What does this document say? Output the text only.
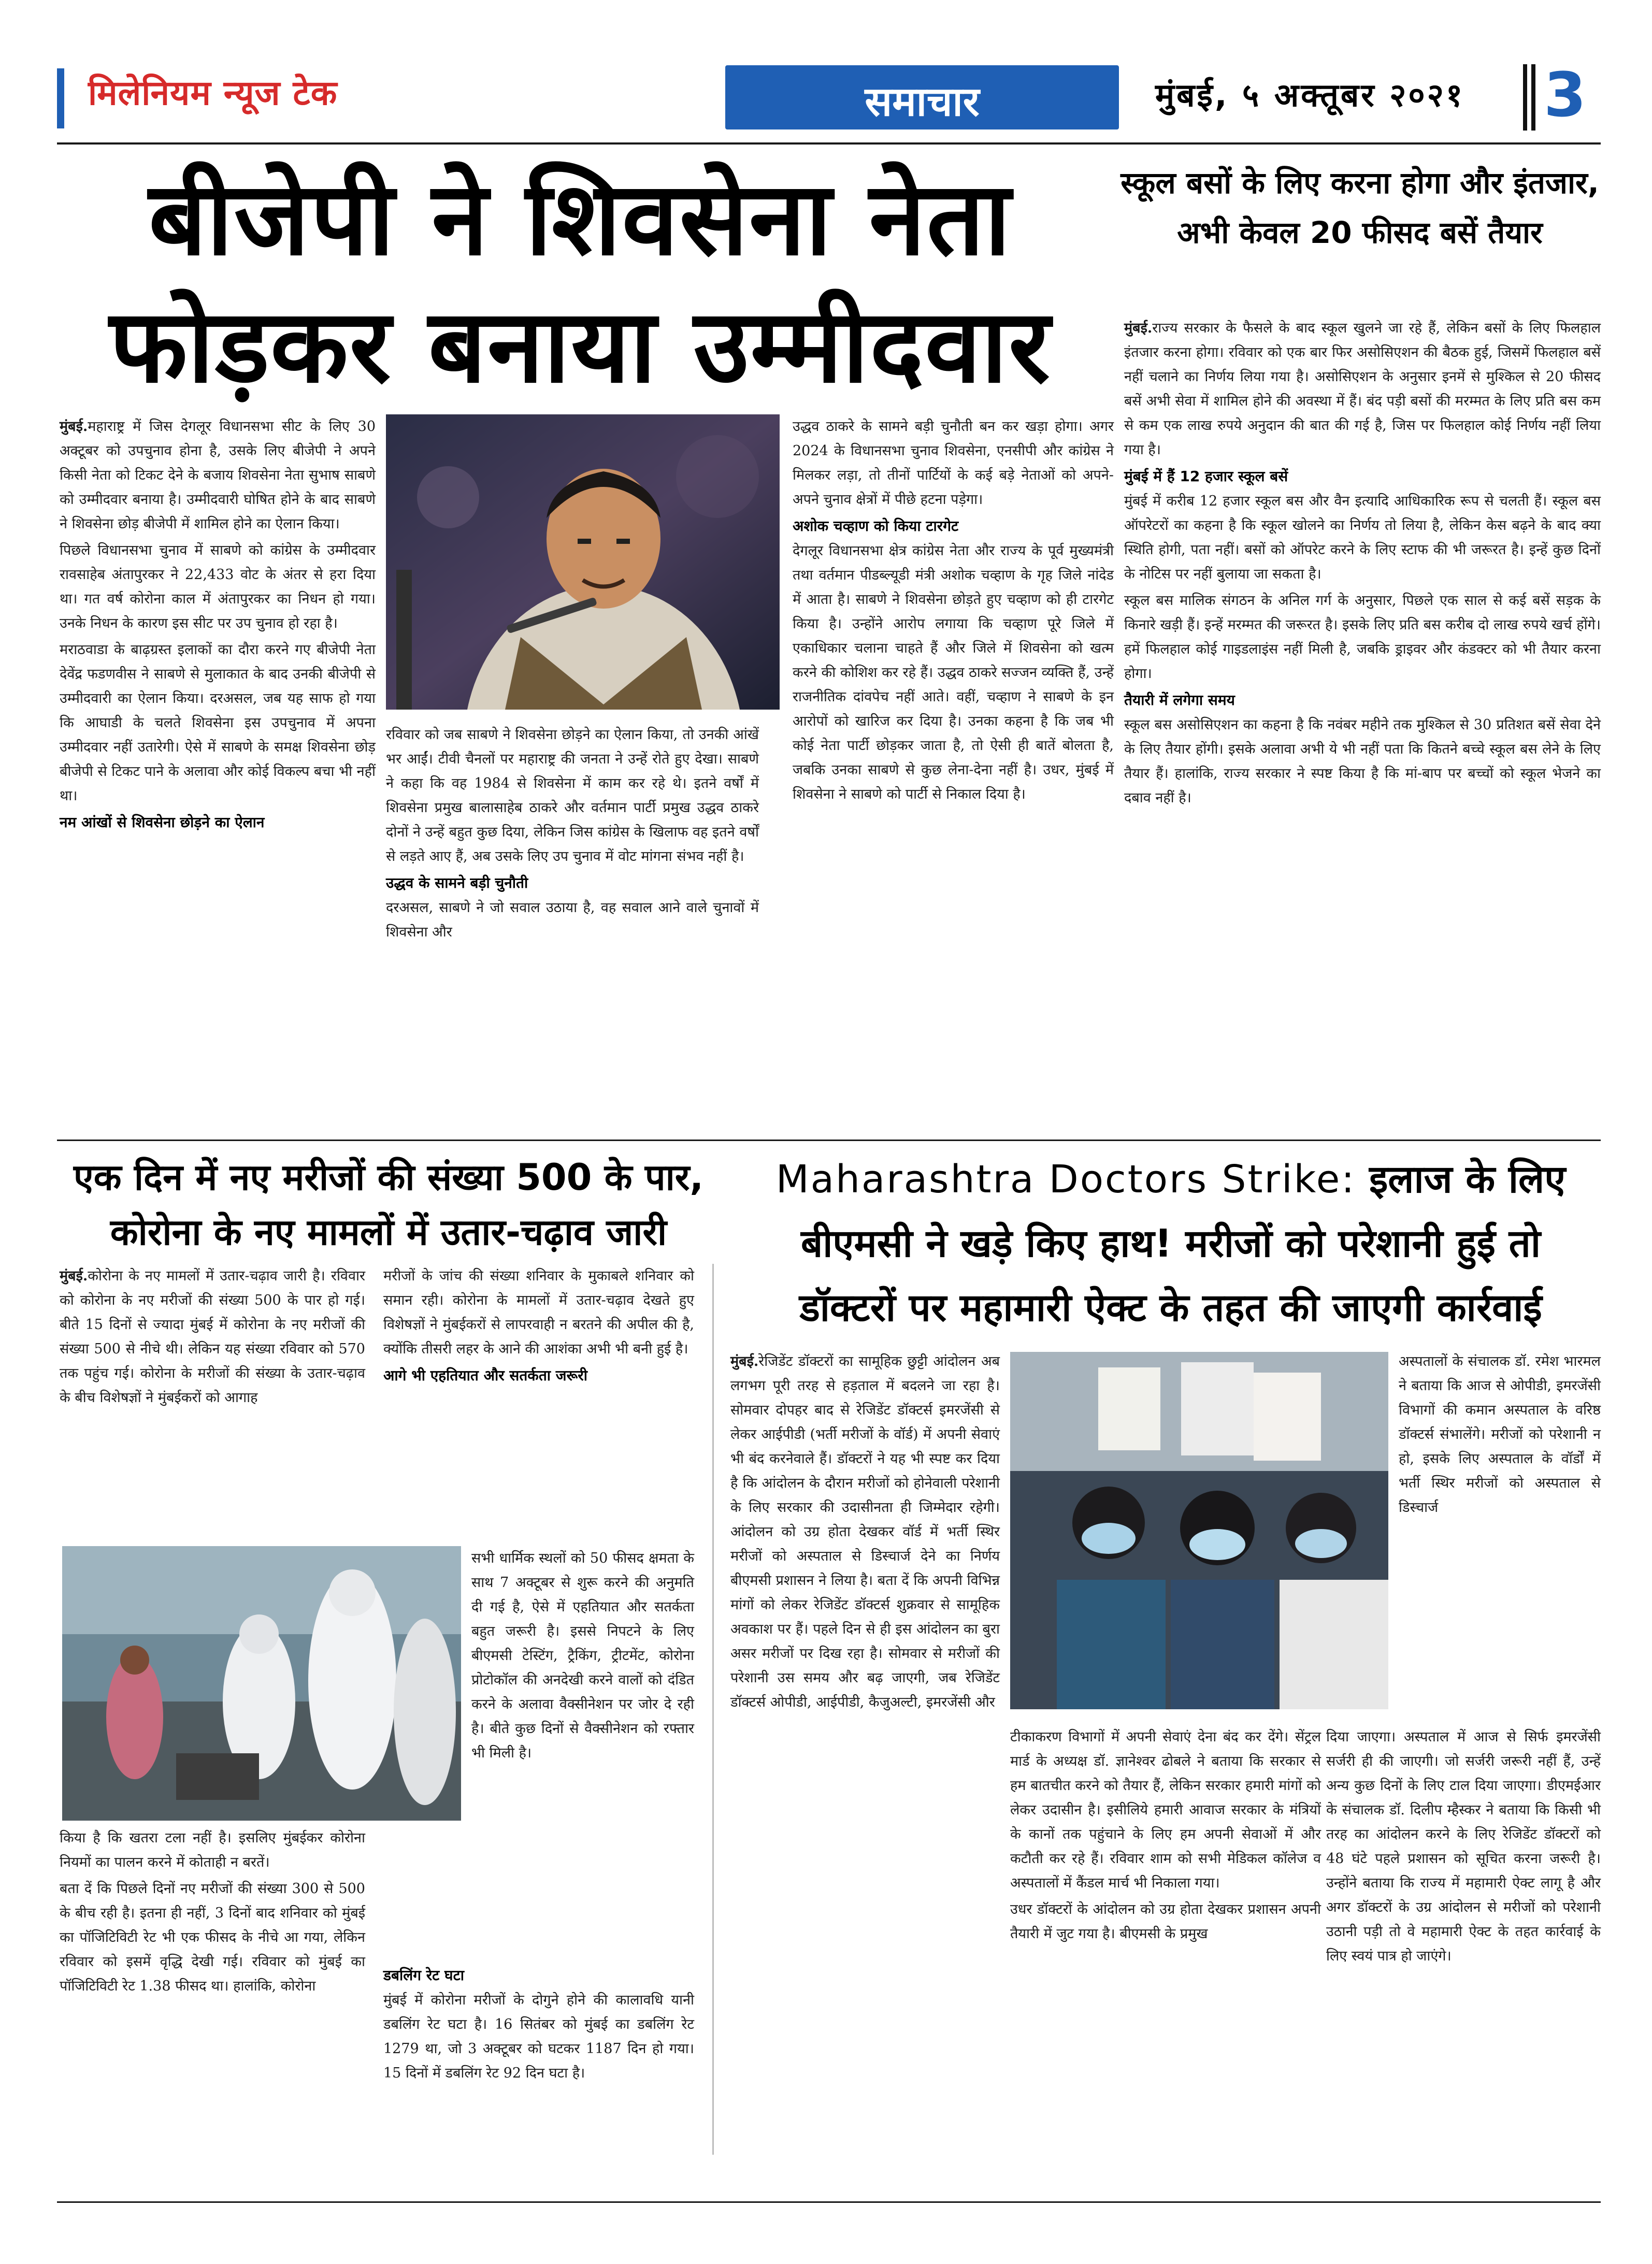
मिलेनियम न्यूज टेक	समाचार	मुंबई, ५ अक्तूबर २०२१ 3
बीजेपी ने शिवसेना नेता
फोड़कर बनाया उम्मीदवार
स्कूल बसों के लिए करना होगा और इंतजार, अभी केवल 20 फीसद बसें तैयार
मुंबई.महाराष्ट्र में जिस देगलूर विधानसभा सीट के लिए 30 अक्टूबर को उपचुनाव होना है, उसके लिए बीजेपी ने अपने किसी नेता को टिकट देने के बजाय शिवसेना नेता सुभाष साबणे को उम्मीदवार बनाया है। उम्मीदवारी घोषित होने के बाद साबणे ने शिवसेना छोड़ बीजेपी में शामिल होने का ऐलान किया।
पिछले विधानसभा चुनाव में साबणे को कांग्रेस के उम्मीदवार रावसाहेब अंतापुरकर ने 22,433 वोट के अंतर से हरा दिया था। गत वर्ष कोरोना काल में अंतापुरकर का निधन हो गया। उनके निधन के कारण इस सीट पर उप चुनाव हो रहा है।
मराठवाडा के बाढ़ग्रस्त इलाकों का दौरा करने गए बीजेपी नेता देवेंद्र फडणवीस ने साबणे से मुलाकात के बाद उनकी बीजेपी से उम्मीदवारी का ऐलान किया। दरअसल, जब यह साफ हो गया कि आघाडी के चलते शिवसेना इस उपचुनाव में अपना उम्मीदवार नहीं उतारेगी। ऐसे में साबणे के समक्ष शिवसेना छोड़ बीजेपी से टिकट पाने के अलावा और कोई विकल्प बचा भी नहीं था।
नम आंखों से शिवसेना छोड़ने का ऐलान
रविवार को जब साबणे ने शिवसेना छोड़ने का ऐलान किया, तो उनकी आंखें भर आईं। टीवी चैनलों पर महाराष्ट्र की जनता ने उन्हें रोते हुए देखा। साबणे ने कहा कि वह 1984 से शिवसेना में काम कर रहे थे। इतने वर्षों में शिवसेना प्रमुख बालासाहेब ठाकरे और वर्तमान पार्टी प्रमुख उद्धव ठाकरे दोनों ने उन्हें बहुत कुछ दिया, लेकिन जिस कांग्रेस के खिलाफ वह इतने वर्षों से लड़ते आए हैं, अब उसके लिए उप चुनाव में वोट मांगना संभव नहीं है।
उद्धव के सामने बड़ी चुनौती
दरअसल, साबणे ने जो सवाल उठाया है, वह सवाल आने वाले चुनावों में शिवसेना और
उद्धव ठाकरे के सामने बड़ी चुनौती बन कर खड़ा होगा। अगर 2024 के विधानसभा चुनाव शिवसेना, एनसीपी और कांग्रेस ने मिलकर लड़ा, तो तीनों पार्टियों के कई बड़े नेताओं को अपने-अपने चुनाव क्षेत्रों में पीछे हटना पड़ेगा।
अशोक चव्हाण को किया टारगेट
देगलूर विधानसभा क्षेत्र कांग्रेस नेता और राज्य के पूर्व मुख्यमंत्री तथा वर्तमान पीडब्ल्यूडी मंत्री अशोक चव्हाण के गृह जिले नांदेड में आता है। साबणे ने शिवसेना छोड़ते हुए चव्हाण को ही टारगेट किया है। उन्होंने आरोप लगाया कि चव्हाण पूरे जिले में एकाधिकार चलाना चाहते हैं और जिले में शिवसेना को खत्म करने की कोशिश कर रहे हैं। उद्धव ठाकरे सज्जन व्यक्ति हैं, उन्हें राजनीतिक दांवपेच नहीं आते। वहीं, चव्हाण ने साबणे के इन आरोपों को खारिज कर दिया है। उनका कहना है कि जब भी कोई नेता पार्टी छोड़कर जाता है, तो ऐसी ही बातें बोलता है, जबकि उनका साबणे से कुछ लेना-देना नहीं है। उधर, मुंबई में शिवसेना ने साबणे को पार्टी से निकाल दिया है।
मुंबई.राज्य सरकार के फैसले के बाद स्कूल खुलने जा रहे हैं, लेकिन बसों के लिए फिलहाल इंतजार करना होगा। रविवार को एक बार फिर असोसिएशन की बैठक हुई, जिसमें फिलहाल बसें नहीं चलाने का निर्णय लिया गया है। असोसिएशन के अनुसार इनमें से मुश्किल से 20 फीसद बसें अभी सेवा में शामिल होने की अवस्था में हैं। बंद पड़ी बसों की मरम्मत के लिए प्रति बस कम से कम एक लाख रुपये अनुदान की बात की गई है, जिस पर फिलहाल कोई निर्णय नहीं लिया गया है।
मुंबई में हैं 12 हजार स्कूल बसें
मुंबई में करीब 12 हजार स्कूल बस और वैन इत्यादि आधिकारिक रूप से चलती हैं। स्कूल बस ऑपरेटरों का कहना है कि स्कूल खोलने का निर्णय तो लिया है, लेकिन केस बढ़ने के बाद क्या स्थिति होगी, पता नहीं। बसों को ऑपरेट करने के लिए स्टाफ की भी जरूरत है। इन्हें कुछ दिनों के नोटिस पर नहीं बुलाया जा सकता है।
स्कूल बस मालिक संगठन के अनिल गर्ग के अनुसार, पिछले एक साल से कई बसें सड़क के किनारे खड़ी हैं। इन्हें मरम्मत की जरूरत है। इसके लिए प्रति बस करीब दो लाख रुपये खर्च होंगे। हमें फिलहाल कोई गाइडलाइंस नहीं मिली है, जबकि ड्राइवर और कंडक्टर को भी तैयार करना होगा।
तैयारी में लगेगा समय
स्कूल बस असोसिएशन का कहना है कि नवंबर महीने तक मुश्किल से 30 प्रतिशत बसें सेवा देने के लिए तैयार होंगी। इसके अलावा अभी ये भी नहीं पता कि कितने बच्चे स्कूल बस लेने के लिए तैयार हैं। हालांकि, राज्य सरकार ने स्पष्ट किया है कि मां-बाप पर बच्चों को स्कूल भेजने का दबाव नहीं है।
एक दिन में नए मरीजों की संख्या 500 के पार,
कोरोना के नए मामलों में उतार-चढ़ाव जारी
Maharashtra Doctors Strike: इलाज के लिए
बीएमसी ने खड़े किए हाथ! मरीजों को परेशानी हुई तो
डॉक्टरों पर महामारी ऐक्ट के तहत की जाएगी कार्रवाई
मुंबई.कोरोना के नए मामलों में उतार-चढ़ाव जारी है। रविवार को कोरोना के नए मरीजों की संख्या 500 के पार हो गई। बीते 15 दिनों से ज्यादा मुंबई में कोरोना के नए मरीजों की संख्या 500 से नीचे थी। लेकिन यह संख्या रविवार को 570 तक पहुंच गई। कोरोना के मरीजों की संख्या के उतार-चढ़ाव के बीच विशेषज्ञों ने मुंबईकरों को आगाह
किया है कि खतरा टला नहीं है। इसलिए मुंबईकर कोरोना नियमों का पालन करने में कोताही न बरतें।
बता दें कि पिछले दिनों नए मरीजों की संख्या 300 से 500 के बीच रही है। इतना ही नहीं, 3 दिनों बाद शनिवार को मुंबई का पॉजिटिविटी रेट भी एक फीसद के नीचे आ गया, लेकिन रविवार को इसमें वृद्धि देखी गई। रविवार को मुंबई का पॉजिटिविटी रेट 1.38 फीसद था। हालांकि, कोरोना
मरीजों के जांच की संख्या शनिवार के मुकाबले शनिवार को समान रही। कोरोना के मामलों में उतार-चढ़ाव देखते हुए विशेषज्ञों ने मुंबईकरों से लापरवाही न बरतने की अपील की है, क्योंकि तीसरी लहर के आने की आशंका अभी भी बनी हुई है।
आगे भी एहतियात और सतर्कता जरूरी
सभी धार्मिक स्थलों को 50 फीसद क्षमता के साथ 7 अक्टूबर से शुरू करने की अनुमति दी गई है, ऐसे में एहतियात और सतर्कता बहुत जरूरी है। इससे निपटने के लिए बीएमसी टेस्टिंग, ट्रैकिंग, ट्रीटमेंट, कोरोना प्रोटोकॉल की अनदेखी करने वालों को दंडित करने के अलावा वैक्सीनेशन पर जोर दे रही है। बीते कुछ दिनों से वैक्सीनेशन को रफ्तार भी मिली है।
डबलिंग रेट घटा
मुंबई में कोरोना मरीजों के दोगुने होने की कालावधि यानी डबलिंग रेट घटा है। 16 सितंबर को मुंबई का डबलिंग रेट 1279 था, जो 3 अक्टूबर को घटकर 1187 दिन हो गया। 15 दिनों में डबलिंग रेट 92 दिन घटा है।
मुंबई.रेजिडेंट डॉक्टरों का सामूहिक छुट्टी आंदोलन अब लगभग पूरी तरह से हड़ताल में बदलने जा रहा है। सोमवार दोपहर बाद से रेजिडेंट डॉक्टर्स इमरजेंसी से लेकर आईपीडी (भर्ती मरीजों के वॉर्ड) में अपनी सेवाएं भी बंद करनेवाले हैं। डॉक्टरों ने यह भी स्पष्ट कर दिया है कि आंदोलन के दौरान मरीजों को होनेवाली परेशानी के लिए सरकार की उदासीनता ही जिम्मेदार रहेगी। आंदोलन को उग्र होता देखकर वॉर्ड में भर्ती स्थिर मरीजों को अस्पताल से डिस्चार्ज देने का निर्णय बीएमसी प्रशासन ने लिया है। बता दें कि अपनी विभिन्न मांगों को लेकर रेजिडेंट डॉक्टर्स शुक्रवार से सामूहिक अवकाश पर हैं। पहले दिन से ही इस आंदोलन का बुरा असर मरीजों पर दिख रहा है। सोमवार से मरीजों की परेशानी उस समय और बढ़ जाएगी, जब रेजिडेंट डॉक्टर्स ओपीडी, आईपीडी, कैजुअल्टी, इमरजेंसी और
टीकाकरण विभागों में अपनी सेवाएं देना बंद कर देंगे। सेंट्रल मार्ड के अध्यक्ष डॉ. ज्ञानेश्वर ढोबले ने बताया कि सरकार से हम बातचीत करने को तैयार हैं, लेकिन सरकार हमारी मांगों को लेकर उदासीन है। इसीलिये हमारी आवाज सरकार के मंत्रियों के कानों तक पहुंचाने के लिए हम अपनी सेवाओं में और कटौती कर रहे हैं। रविवार शाम को सभी मेडिकल कॉलेज व अस्पतालों में कैंडल मार्च भी निकाला गया।
उधर डॉक्टरों के आंदोलन को उग्र होता देखकर प्रशासन अपनी तैयारी में जुट गया है। बीएमसी के प्रमुख
अस्पतालों के संचालक डॉ. रमेश भारमल ने बताया कि आज से ओपीडी, इमरजेंसी विभागों की कमान अस्पताल के वरिष्ठ डॉक्टर्स संभालेंगे। मरीजों को परेशानी न हो, इसके लिए अस्पताल के वॉर्डों में भर्ती स्थिर मरीजों को अस्पताल से डिस्चार्ज
दिया जाएगा। अस्पताल में आज से सिर्फ इमरजेंसी सर्जरी ही की जाएगी। जो सर्जरी जरूरी नहीं हैं, उन्हें अन्य कुछ दिनों के लिए टाल दिया जाएगा। डीएमईआर के संचालक डॉ. दिलीप म्हैस्कर ने बताया कि किसी भी तरह का आंदोलन करने के लिए रेजिडेंट डॉक्टरों को 48 घंटे पहले प्रशासन को सूचित करना जरूरी है। उन्होंने बताया कि राज्य में महामारी ऐक्ट लागू है और अगर डॉक्टरों के उग्र आंदोलन से मरीजों को परेशानी उठानी पड़ी तो वे महामारी ऐक्ट के तहत कार्रवाई के लिए स्वयं पात्र हो जाएंगे।
